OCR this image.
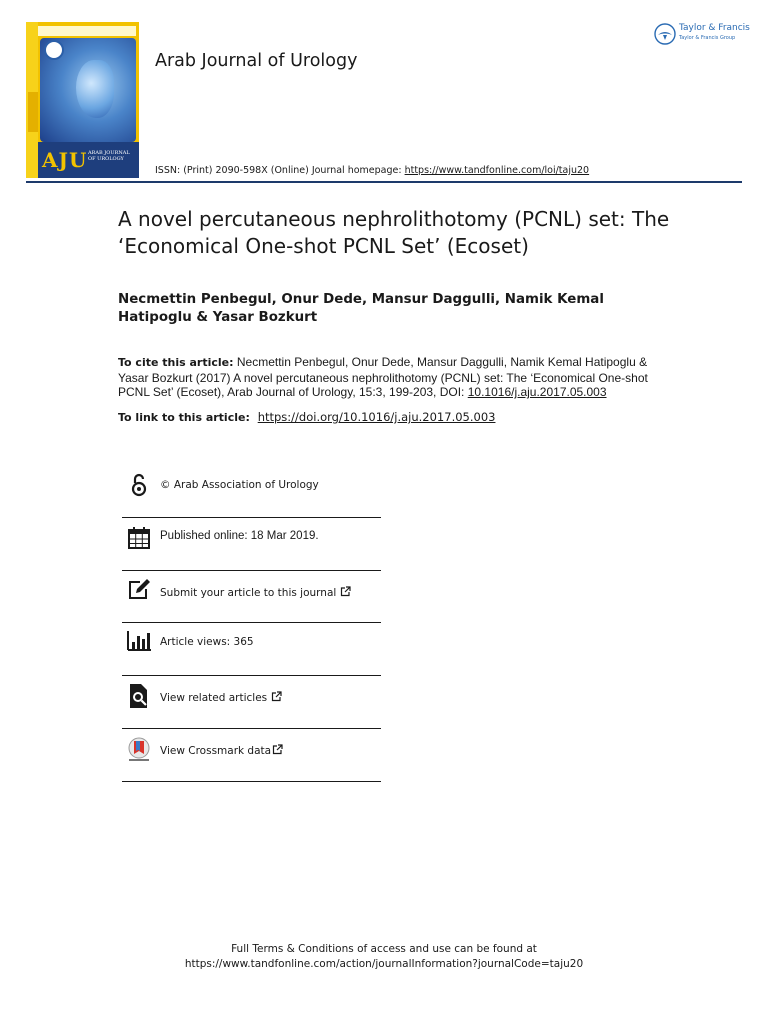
AJU ARAB JOURNAL OF UROLOGY
Arab Journal of Urology
ISSN: (Print) 2090-598X (Online) Journal homepage: https://www.tandfonline.com/loi/taju20
Taylor & Francis
Taylor & Francis Group
A novel percutaneous nephrolithotomy (PCNL) set: The ‘Economical One-shot PCNL Set’ (Ecoset)

Necmettin Penbegul, Onur Dede, Mansur Daggulli, Namik Kemal Hatipoglu & Yasar Bozkurt

To cite this article: Necmettin Penbegul, Onur Dede, Mansur Daggulli, Namik Kemal Hatipoglu & Yasar Bozkurt (2017) A novel percutaneous nephrolithotomy (PCNL) set: The ‘Economical One-shot PCNL Set’ (Ecoset), Arab Journal of Urology, 15:3, 199-203, DOI: 10.1016/j.aju.2017.05.003

To link to this article: https://doi.org/10.1016/j.aju.2017.05.003
© Arab Association of Urology
Published online: 18 Mar 2019.
Submit your article to this journal
Article views: 365
View related articles
View Crossmark data
Full Terms & Conditions of access and use can be found at
https://www.tandfonline.com/action/journalInformation?journalCode=taju20
